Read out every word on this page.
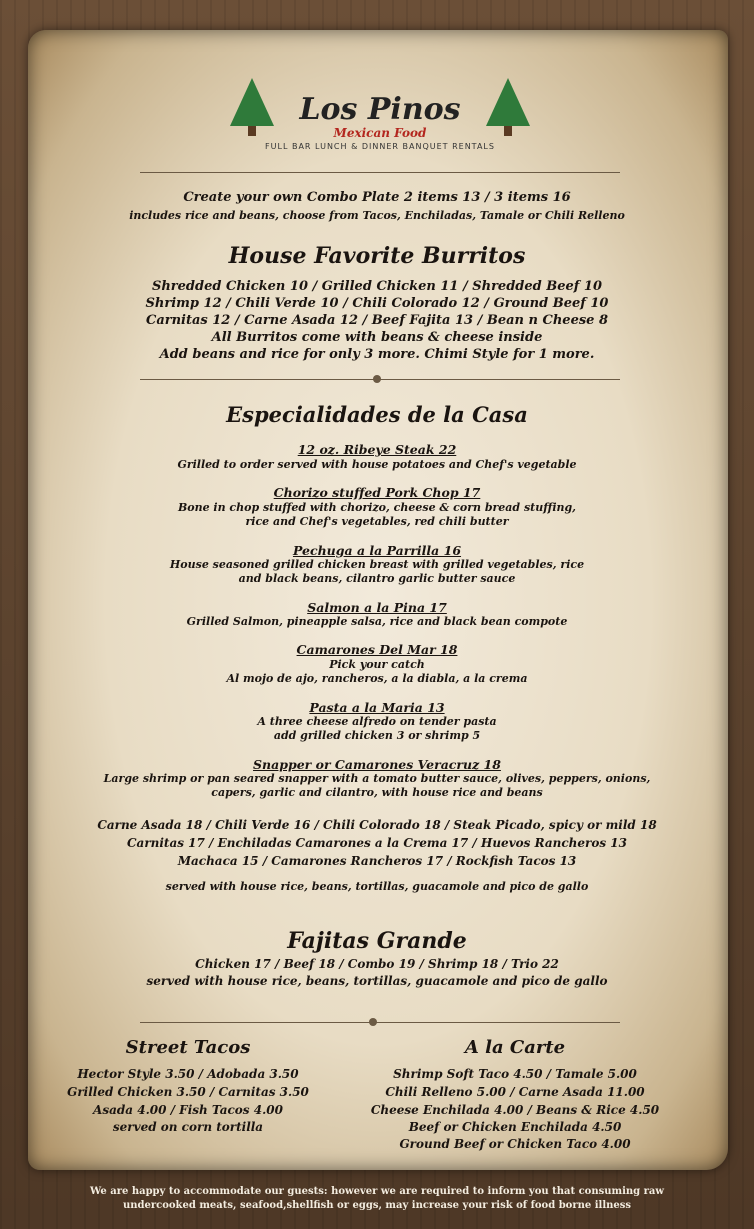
Los Pinos
Mexican Food
FULL BAR LUNCH & DINNER BANQUET RENTALS
Create your own Combo Plate 2 items 13 / 3 items 16
includes rice and beans, choose from Tacos, Enchiladas, Tamale or Chili Relleno
House Favorite Burritos
Shredded Chicken 10 / Grilled Chicken 11 / Shredded Beef 10
Shrimp 12 / Chili Verde 10 / Chili Colorado 12 / Ground Beef 10
Carnitas 12 / Carne Asada 12 / Beef Fajita 13 / Bean n Cheese 8
All Burritos come with beans & cheese inside
Add beans and rice for only 3 more. Chimi Style for 1 more.
Especialidades de la Casa
12 oz. Ribeye Steak 22
Grilled to order served with house potatoes and Chef's vegetable
Chorizo stuffed Pork Chop 17
Bone in chop stuffed with chorizo, cheese & corn bread stuffing,
rice and Chef's vegetables, red chili butter
Pechuga a la Parrilla 16
House seasoned grilled chicken breast with grilled vegetables, rice
and black beans, cilantro garlic butter sauce
Salmon a la Pina 17
Grilled Salmon, pineapple salsa, rice and black bean compote
Camarones Del Mar 18
Pick your catch
Al mojo de ajo, rancheros, a la diabla, a la crema
Pasta a la Maria 13
A three cheese alfredo on tender pasta
add grilled chicken 3 or shrimp 5
Snapper or Camarones Veracruz 18
Large shrimp or pan seared snapper with a tomato butter sauce, olives, peppers, onions,
capers, garlic and cilantro, with house rice and beans
Carne Asada 18 / Chili Verde 16 / Chili Colorado 18 / Steak Picado, spicy or mild 18
Carnitas 17 / Enchiladas Camarones a la Crema 17 / Huevos Rancheros 13
Machaca 15 / Camarones Rancheros 17 / Rockfish Tacos 13
served with house rice, beans, tortillas, guacamole and pico de gallo
Fajitas Grande
Chicken 17 / Beef 18 / Combo 19 / Shrimp 18 / Trio 22
served with house rice, beans, tortillas, guacamole and pico de gallo
Street Tacos
Hector Style 3.50 / Adobada 3.50
Grilled Chicken 3.50 / Carnitas 3.50
Asada 4.00 / Fish Tacos 4.00
served on corn tortilla
A la Carte
Shrimp Soft Taco 4.50 / Tamale 5.00
Chili Relleno 5.00 / Carne Asada 11.00
Cheese Enchilada 4.00 / Beans & Rice 4.50
Beef or Chicken Enchilada 4.50
Ground Beef or Chicken Taco 4.00
We are happy to accommodate our guests: however we are required to inform you that consuming raw
undercooked meats, seafood,shellfish or eggs, may increase your risk of food borne illness
